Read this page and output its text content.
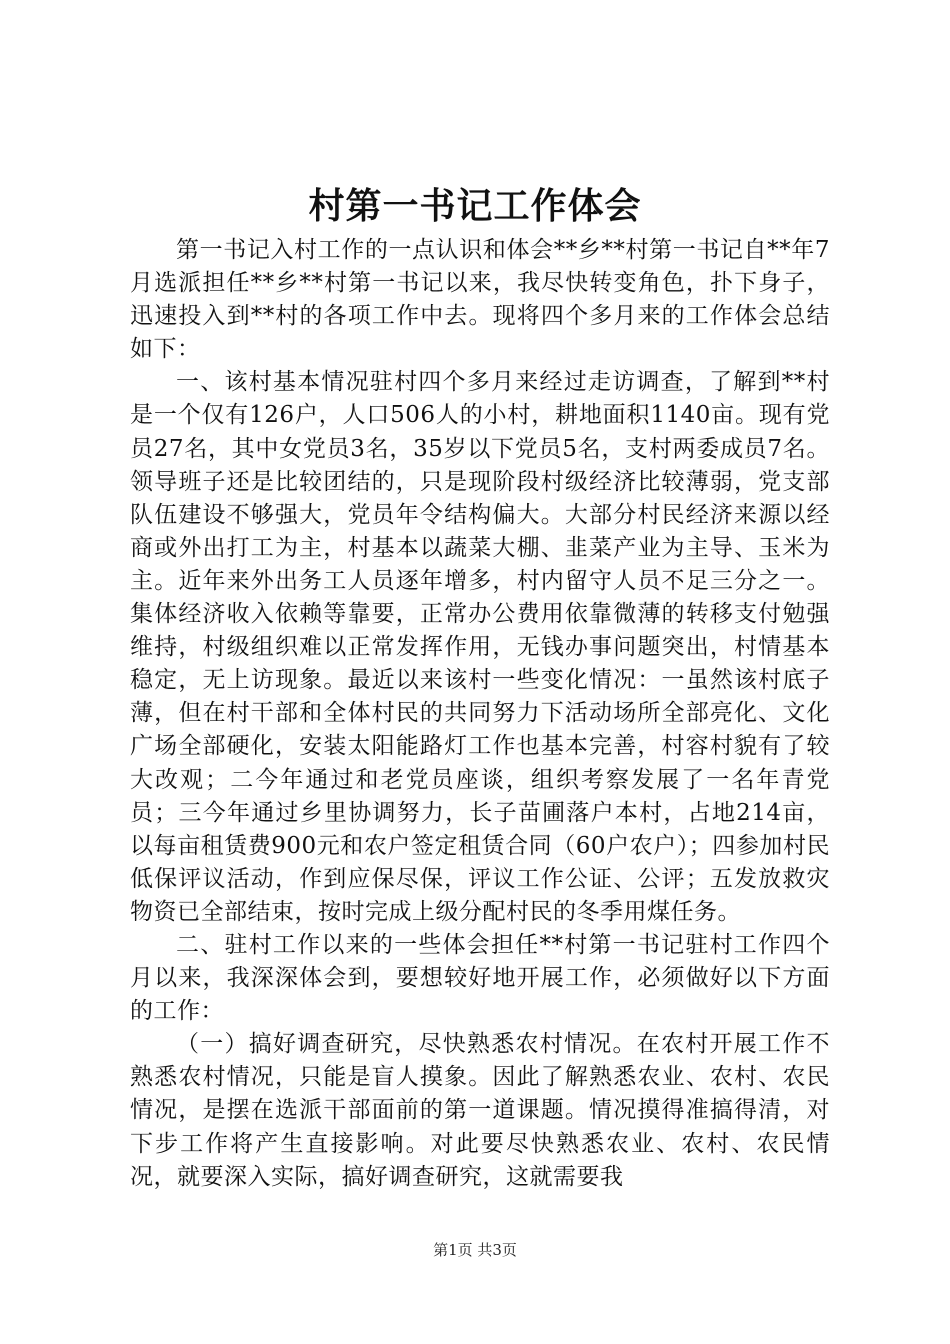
村第一书记工作体会

第一书记入村工作的一点认识和体会**乡**村第一书记自**年7月选派担任**乡**村第一书记以来，我尽快转变角色，扑下身子，迅速投入到**村的各项工作中去。现将四个多月来的工作体会总结如下：

一、该村基本情况驻村四个多月来经过走访调查，了解到**村是一个仅有126户，人口506人的小村，耕地面积1140亩。现有党员27名，其中女党员3名，35岁以下党员5名，支村两委成员7名。领导班子还是比较团结的，只是现阶段村级经济比较薄弱，党支部队伍建设不够强大，党员年令结构偏大。大部分村民经济来源以经商或外出打工为主，村基本以蔬菜大棚、韭菜产业为主导、玉米为主。近年来外出务工人员逐年增多，村内留守人员不足三分之一。集体经济收入依赖等靠要，正常办公费用依靠微薄的转移支付勉强维持，村级组织难以正常发挥作用，无钱办事问题突出，村情基本稳定，无上访现象。最近以来该村一些变化情况：一虽然该村底子薄，但在村干部和全体村民的共同努力下活动场所全部亮化、文化广场全部硬化，安装太阳能路灯工作也基本完善，村容村貌有了较大改观；二今年通过和老党员座谈，组织考察发展了一名年青党员；三今年通过乡里协调努力，长子苗圃落户本村，占地214亩，以每亩租赁费900元和农户签定租赁合同（60户农户）；四参加村民低保评议活动，作到应保尽保，评议工作公证、公评；五发放救灾物资已全部结束，按时完成上级分配村民的冬季用煤任务。

二、驻村工作以来的一些体会担任**村第一书记驻村工作四个月以来，我深深体会到，要想较好地开展工作，必须做好以下方面的工作：

（一）搞好调查研究，尽快熟悉农村情况。在农村开展工作不熟悉农村情况，只能是盲人摸象。因此了解熟悉农业、农村、农民情况，是摆在选派干部面前的第一道课题。情况摸得准搞得清，对下步工作将产生直接影响。对此要尽快熟悉农业、农村、农民情况，就要深入实际，搞好调查研究，这就需要我

第1页 共3页
